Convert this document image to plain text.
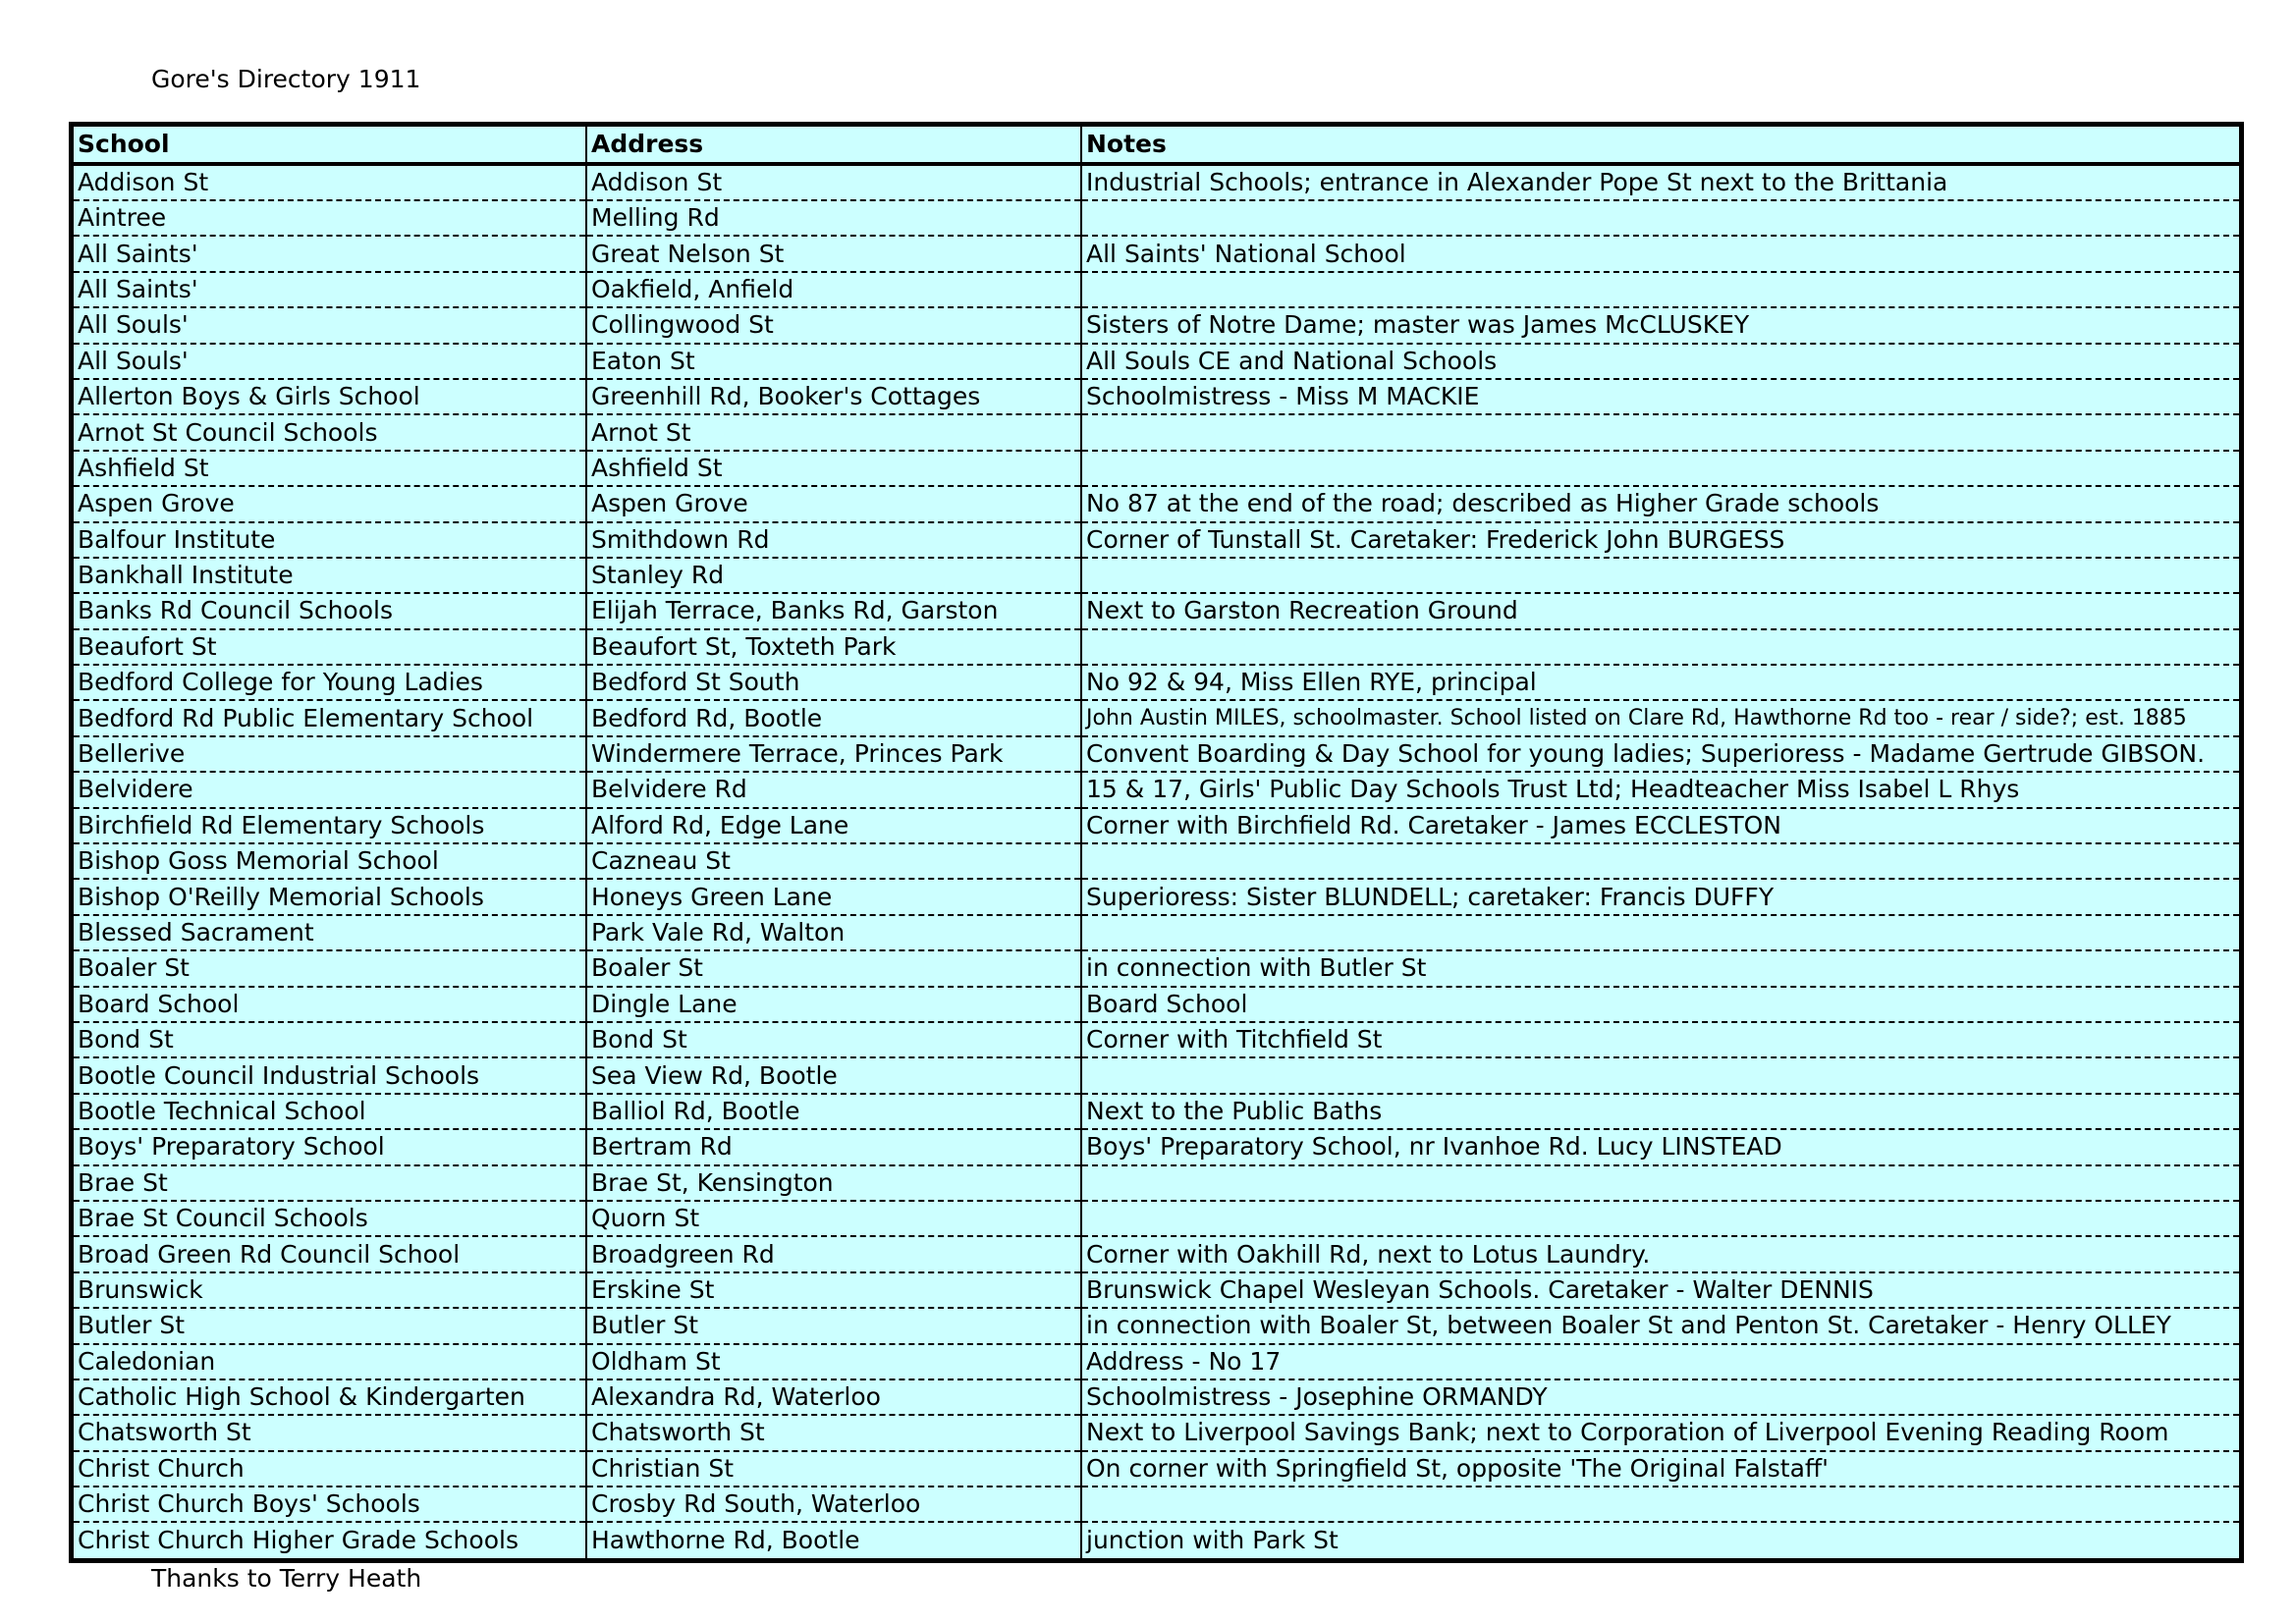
Gore's Directory 1911
School	Address	Notes
Addison St	Addison St	Industrial Schools; entrance in Alexander Pope St next to the Brittania
Aintree	Melling Rd	
All Saints'	Great Nelson St	All Saints' National School
All Saints'	Oakfield, Anfield	
All Souls'	Collingwood St	Sisters of Notre Dame; master was James McCLUSKEY
All Souls'	Eaton St	All Souls CE and National Schools
Allerton Boys & Girls School	Greenhill Rd, Booker's Cottages	Schoolmistress - Miss M MACKIE
Arnot St Council Schools	Arnot St	
Ashfield St	Ashfield St	
Aspen Grove	Aspen Grove	No 87 at the end of the road; described as Higher Grade schools
Balfour Institute	Smithdown Rd	Corner of Tunstall St. Caretaker: Frederick John BURGESS
Bankhall Institute	Stanley Rd	
Banks Rd Council Schools	Elijah Terrace, Banks Rd, Garston	Next to Garston Recreation Ground
Beaufort St	Beaufort St, Toxteth Park	
Bedford College for Young Ladies	Bedford St South	No 92 & 94, Miss Ellen RYE, principal
Bedford Rd Public Elementary School	Bedford Rd, Bootle	John Austin MILES, schoolmaster. School listed on Clare Rd, Hawthorne Rd too - rear / side?; est. 1885
Bellerive	Windermere Terrace, Princes Park	Convent Boarding & Day School for young ladies; Superioress - Madame Gertrude GIBSON.
Belvidere	Belvidere Rd	15 & 17, Girls' Public Day Schools Trust Ltd; Headteacher Miss Isabel L Rhys
Birchfield Rd Elementary Schools	Alford Rd, Edge Lane	Corner with Birchfield Rd. Caretaker - James ECCLESTON
Bishop Goss Memorial School	Cazneau St	
Bishop O'Reilly Memorial Schools	Honeys Green Lane	Superioress: Sister BLUNDELL; caretaker: Francis DUFFY
Blessed Sacrament	Park Vale Rd, Walton	
Boaler St	Boaler St	in connection with Butler St
Board School	Dingle Lane	Board School
Bond St	Bond St	Corner with Titchfield St
Bootle Council Industrial Schools	Sea View Rd, Bootle	
Bootle Technical School	Balliol Rd, Bootle	Next to the Public Baths
Boys' Preparatory School	Bertram Rd	Boys' Preparatory School, nr Ivanhoe Rd. Lucy LINSTEAD
Brae St	Brae St, Kensington	
Brae St Council Schools	Quorn St	
Broad Green Rd Council School	Broadgreen Rd	Corner with Oakhill Rd, next to Lotus Laundry.
Brunswick	Erskine St	Brunswick Chapel Wesleyan Schools. Caretaker - Walter DENNIS
Butler St	Butler St	in connection with Boaler St, between Boaler St and Penton St. Caretaker - Henry OLLEY
Caledonian	Oldham St	Address - No 17
Catholic High School & Kindergarten	Alexandra Rd, Waterloo	Schoolmistress - Josephine ORMANDY
Chatsworth St	Chatsworth St	Next to Liverpool Savings Bank; next to Corporation of Liverpool Evening Reading Room
Christ Church	Christian St	On corner with Springfield St, opposite 'The Original Falstaff'
Christ Church Boys' Schools	Crosby Rd South, Waterloo	
Christ Church Higher Grade Schools	Hawthorne Rd, Bootle	junction with Park St
Thanks to Terry Heath
